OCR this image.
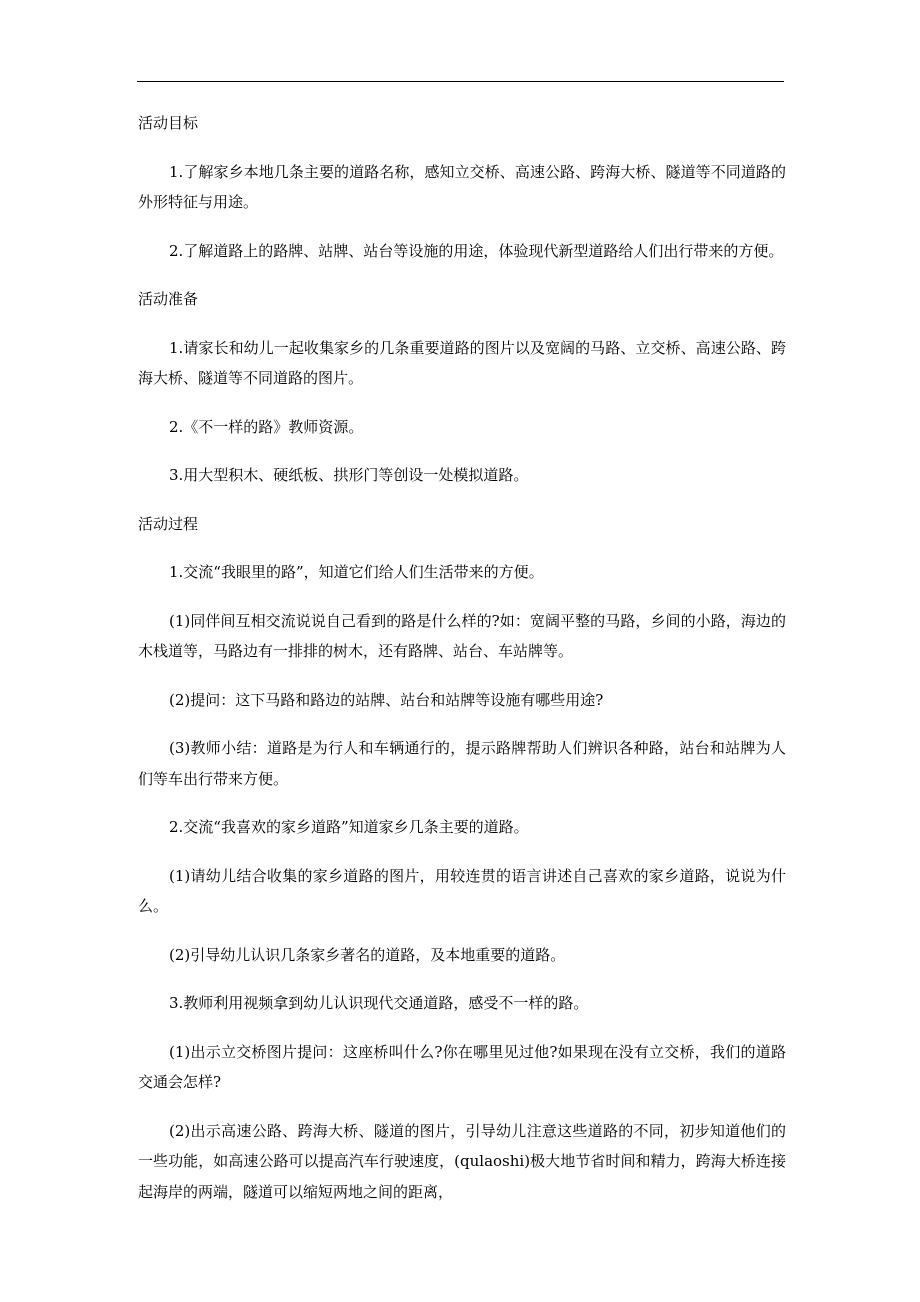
活动目标

1.了解家乡本地几条主要的道路名称，感知立交桥、高速公路、跨海大桥、隧道等不同道路的外形特征与用途。

2.了解道路上的路牌、站牌、站台等设施的用途，体验现代新型道路给人们出行带来的方便。

活动准备

1.请家长和幼儿一起收集家乡的几条重要道路的图片以及宽阔的马路、立交桥、高速公路、跨海大桥、隧道等不同道路的图片。

2.《不一样的路》教师资源。

3.用大型积木、硬纸板、拱形门等创设一处模拟道路。

活动过程

1.交流“我眼里的路”，知道它们给人们生活带来的方便。

(1)同伴间互相交流说说自己看到的路是什么样的?如：宽阔平整的马路，乡间的小路，海边的木栈道等，马路边有一排排的树木，还有路牌、站台、车站牌等。

(2)提问：这下马路和路边的站牌、站台和站牌等设施有哪些用途?

(3)教师小结：道路是为行人和车辆通行的，提示路牌帮助人们辨识各种路，站台和站牌为人们等车出行带来方便。

2.交流“我喜欢的家乡道路”知道家乡几条主要的道路。

(1)请幼儿结合收集的家乡道路的图片，用较连贯的语言讲述自己喜欢的家乡道路，说说为什么。

(2)引导幼儿认识几条家乡著名的道路，及本地重要的道路。

3.教师利用视频拿到幼儿认识现代交通道路，感受不一样的路。

(1)出示立交桥图片提问：这座桥叫什么?你在哪里见过他?如果现在没有立交桥，我们的道路交通会怎样?

(2)出示高速公路、跨海大桥、隧道的图片，引导幼儿注意这些道路的不同，初步知道他们的一些功能，如高速公路可以提高汽车行驶速度，(qulaoshi)极大地节省时间和精力，跨海大桥连接起海岸的两端，隧道可以缩短两地之间的距离，
